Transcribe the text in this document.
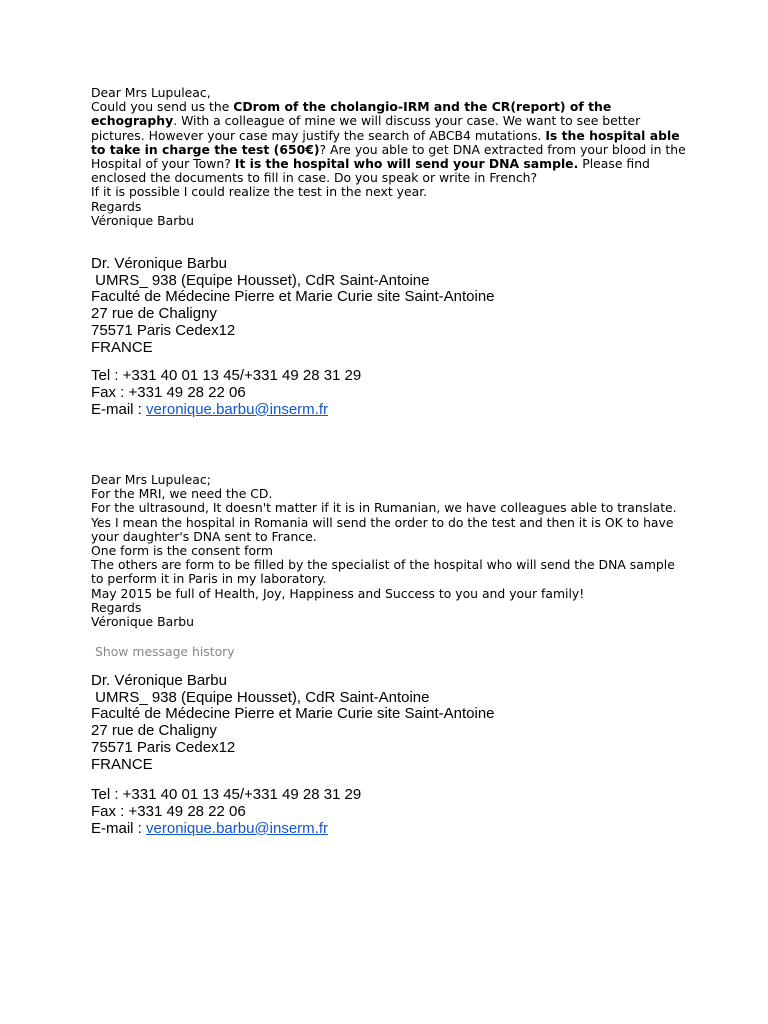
Dear Mrs Lupuleac,

Could you send us the CDrom of the cholangio-IRM and the CR(report) of the echography. With a colleague of mine we will discuss your case. We want to see better pictures. However your case may justify the search of ABCB4 mutations. Is the hospital able to take in charge the test (650€)? Are you able to get DNA extracted from your blood in the Hospital of your Town? It is the hospital who will send your DNA sample. Please find enclosed the documents to fill in case. Do you speak or write in French?

If it is possible I could realize the test in the next year.

Regards

Véronique Barbu

Dr. Véronique Barbu

UMRS_ 938 (Equipe Housset), CdR Saint-Antoine

Faculté de Médecine Pierre et Marie Curie site Saint-Antoine

27 rue de Chaligny

75571 Paris Cedex12

FRANCE

Tel : +331 40 01 13 45/+331 49 28 31 29

Fax : +331 49 28 22 06

E-mail : veronique.barbu@inserm.fr

Dear Mrs Lupuleac;

For the MRI, we need the CD.

For the ultrasound, It doesn't matter if it is in Rumanian, we have colleagues able to translate.

Yes I mean the hospital in Romania will send the order to do the test and then it is OK to have your daughter's DNA sent to France.

One form is the consent form

The others are form to be filled by the specialist of the hospital who will send the DNA sample to perform it in Paris in my laboratory.

May 2015 be full of Health, Joy, Happiness and Success to you and your family!

Regards

Véronique Barbu

Show message history

Dr. Véronique Barbu

UMRS_ 938 (Equipe Housset), CdR Saint-Antoine

Faculté de Médecine Pierre et Marie Curie site Saint-Antoine

27 rue de Chaligny

75571 Paris Cedex12

FRANCE

Tel : +331 40 01 13 45/+331 49 28 31 29

Fax : +331 49 28 22 06

E-mail : veronique.barbu@inserm.fr
